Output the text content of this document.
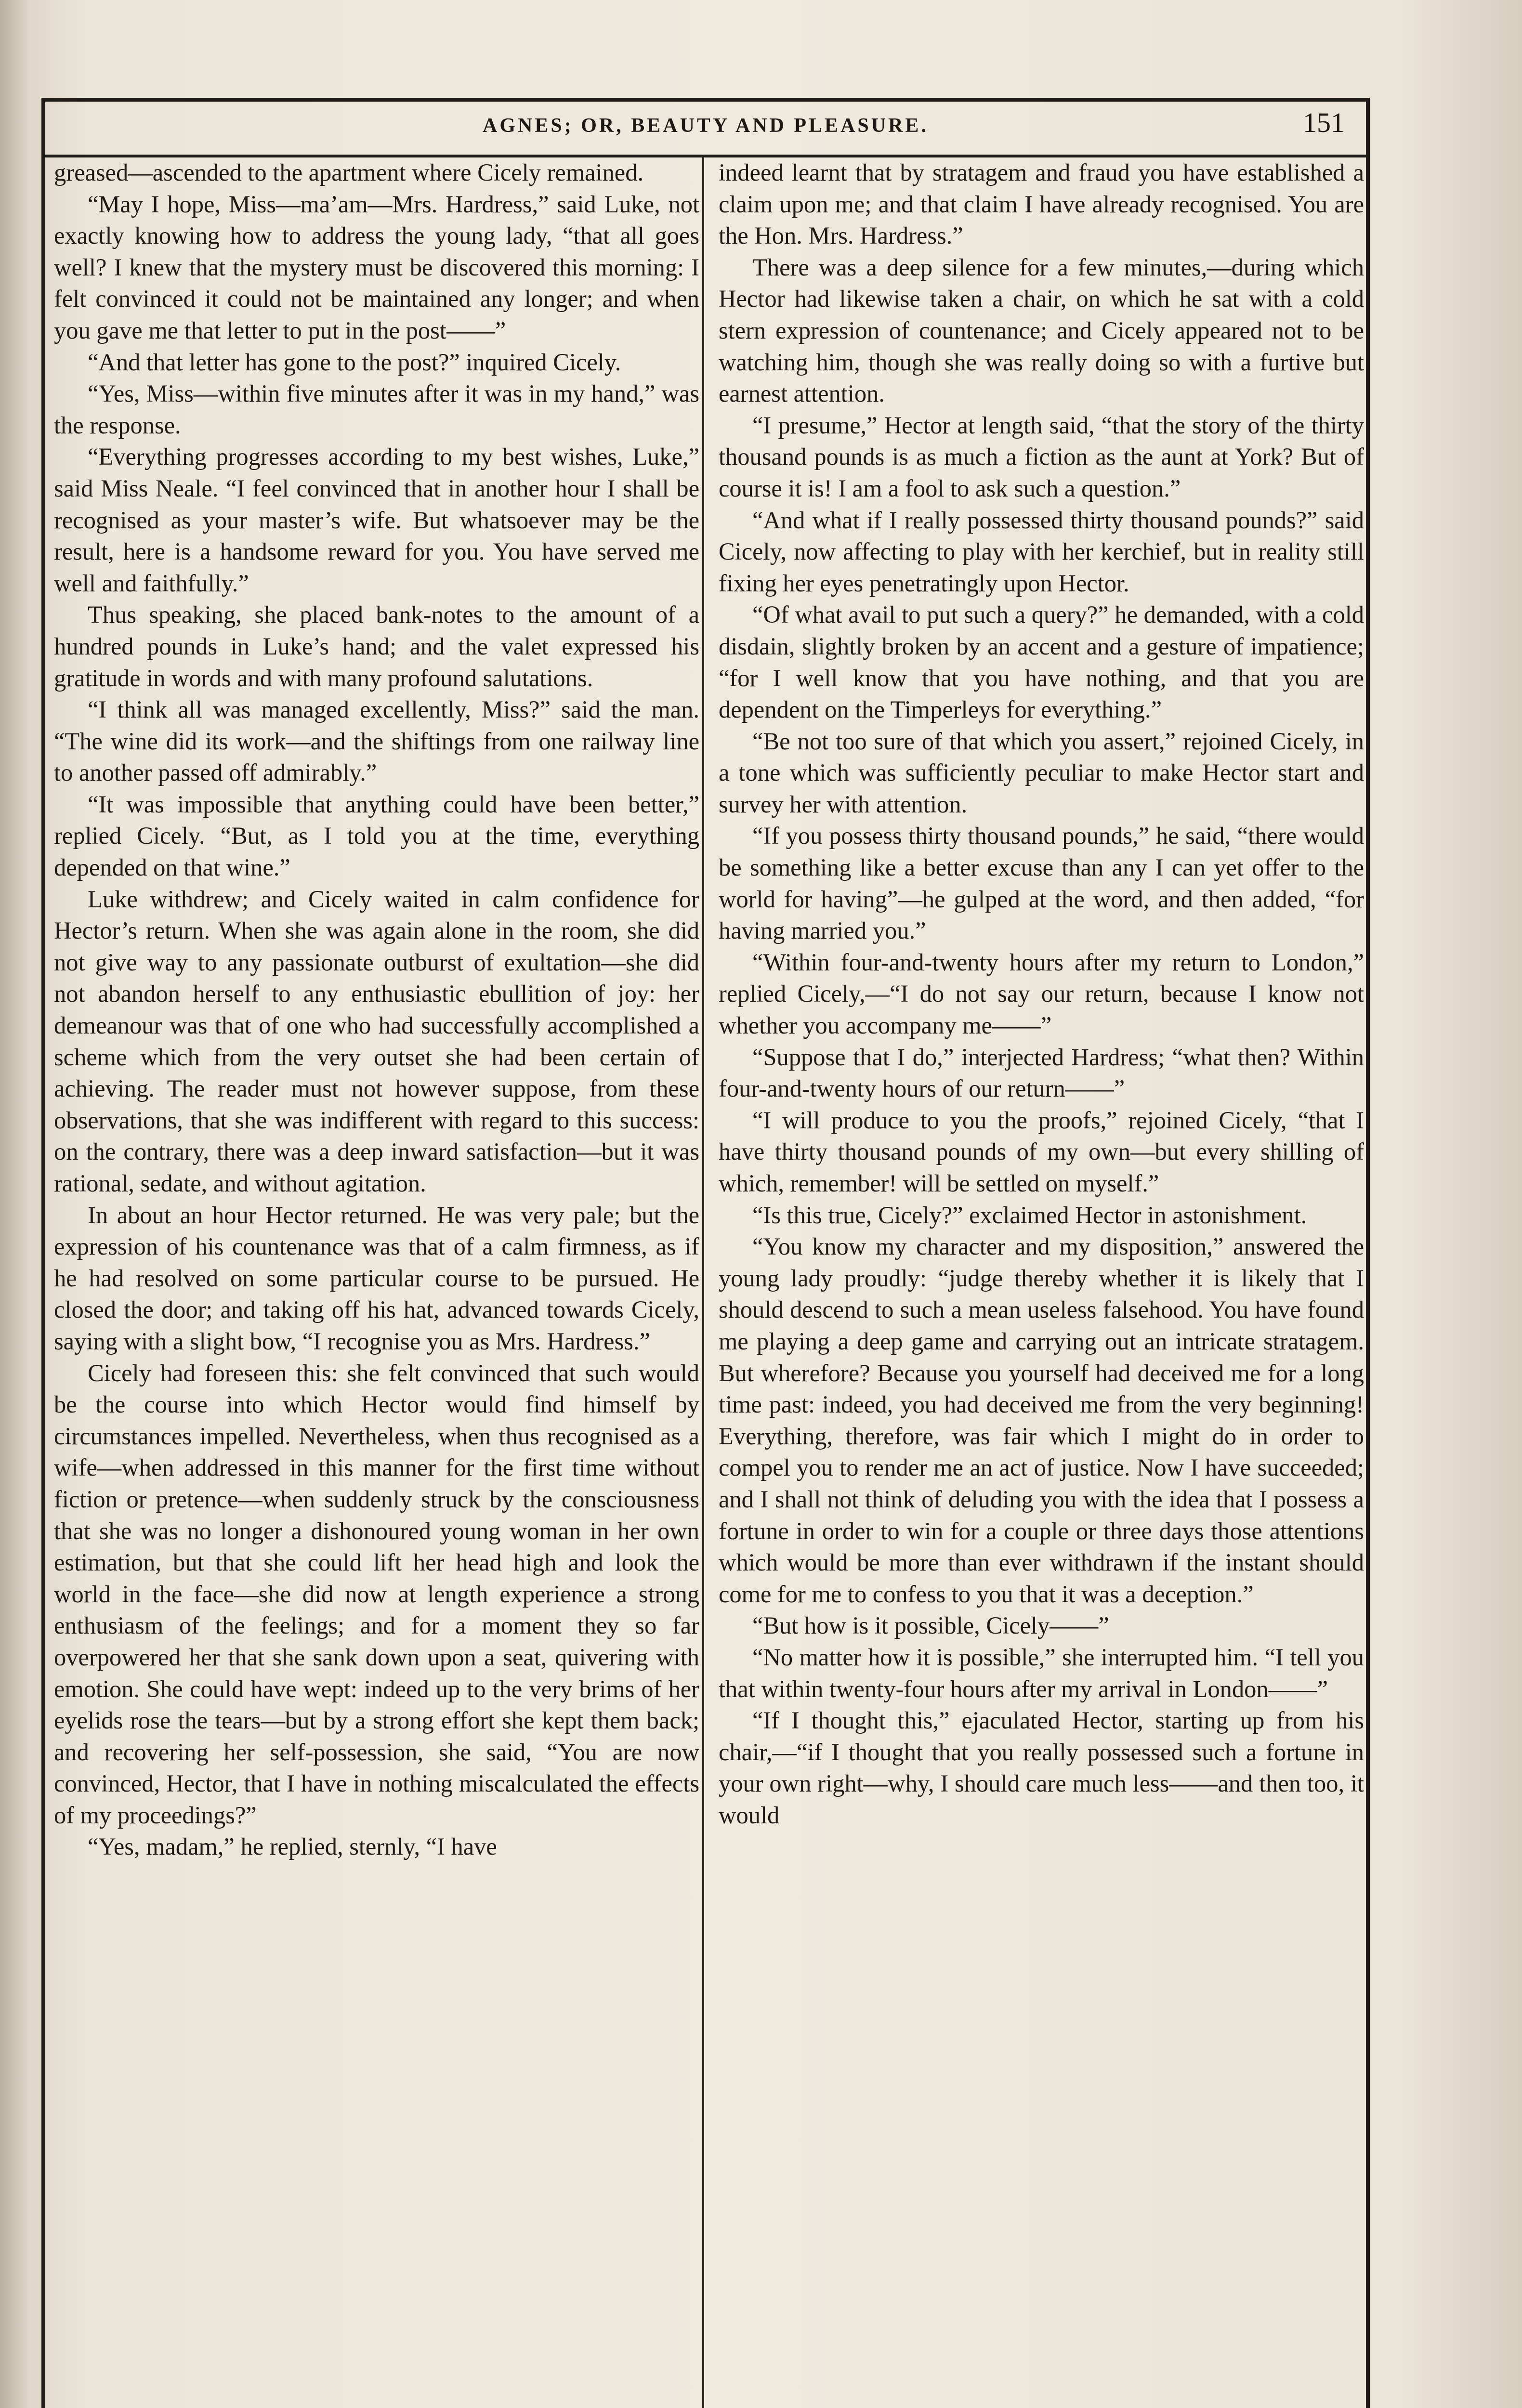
AGNES; OR, BEAUTY AND PLEASURE.	151

greased—ascended to the apartment where Cicely remained.

“May I hope, Miss—ma’am—Mrs. Hardress,” said Luke, not exactly knowing how to address the young lady, “that all goes well? I knew that the mystery must be discovered this morning: I felt convinced it could not be maintained any longer; and when you gave me that letter to put in the post——”

“And that letter has gone to the post?” inquired Cicely.

“Yes, Miss—within five minutes after it was in my hand,” was the response.

“Everything progresses according to my best wishes, Luke,” said Miss Neale. “I feel convinced that in another hour I shall be recognised as your master’s wife. But whatsoever may be the result, here is a handsome reward for you. You have served me well and faithfully.”

Thus speaking, she placed bank-notes to the amount of a hundred pounds in Luke’s hand; and the valet expressed his gratitude in words and with many profound salutations.

“I think all was managed excellently, Miss?” said the man. “The wine did its work—and the shiftings from one railway line to another passed off admirably.”

“It was impossible that anything could have been better,” replied Cicely. “But, as I told you at the time, everything depended on that wine.”

Luke withdrew; and Cicely waited in calm confidence for Hector’s return. When she was again alone in the room, she did not give way to any passionate outburst of exultation—she did not abandon herself to any enthusiastic ebullition of joy: her demeanour was that of one who had successfully accomplished a scheme which from the very outset she had been certain of achieving. The reader must not however suppose, from these observations, that she was indifferent with regard to this success: on the contrary, there was a deep inward satisfaction—but it was rational, sedate, and without agitation.

In about an hour Hector returned. He was very pale; but the expression of his countenance was that of a calm firmness, as if he had resolved on some particular course to be pursued. He closed the door; and taking off his hat, advanced towards Cicely, saying with a slight bow, “I recognise you as Mrs. Hardress.”

Cicely had foreseen this: she felt convinced that such would be the course into which Hector would find himself by circumstances impelled. Nevertheless, when thus recognised as a wife—when addressed in this manner for the first time without fiction or pretence—when suddenly struck by the consciousness that she was no longer a dishonoured young woman in her own estimation, but that she could lift her head high and look the world in the face—she did now at length experience a strong enthusiasm of the feelings; and for a moment they so far overpowered her that she sank down upon a seat, quivering with emotion. She could have wept: indeed up to the very brims of her eyelids rose the tears—but by a strong effort she kept them back; and recovering her self-possession, she said, “You are now convinced, Hector, that I have in nothing miscalculated the effects of my proceedings?”

“Yes, madam,” he replied, sternly, “I have

indeed learnt that by stratagem and fraud you have established a claim upon me; and that claim I have already recognised. You are the Hon. Mrs. Hardress.”

There was a deep silence for a few minutes,—during which Hector had likewise taken a chair, on which he sat with a cold stern expression of countenance; and Cicely appeared not to be watching him, though she was really doing so with a furtive but earnest attention.

“I presume,” Hector at length said, “that the story of the thirty thousand pounds is as much a fiction as the aunt at York? But of course it is! I am a fool to ask such a question.”

“And what if I really possessed thirty thousand pounds?” said Cicely, now affecting to play with her kerchief, but in reality still fixing her eyes penetratingly upon Hector.

“Of what avail to put such a query?” he demanded, with a cold disdain, slightly broken by an accent and a gesture of impatience; “for I well know that you have nothing, and that you are dependent on the Timperleys for everything.”

“Be not too sure of that which you assert,” rejoined Cicely, in a tone which was sufficiently peculiar to make Hector start and survey her with attention.

“If you possess thirty thousand pounds,” he said, “there would be something like a better excuse than any I can yet offer to the world for having”—he gulped at the word, and then added, “for having married you.”

“Within four-and-twenty hours after my return to London,” replied Cicely,—“I do not say our return, because I know not whether you accompany me——”

“Suppose that I do,” interjected Hardress; “what then? Within four-and-twenty hours of our return——”

“I will produce to you the proofs,” rejoined Cicely, “that I have thirty thousand pounds of my own—but every shilling of which, remember! will be settled on myself.”

“Is this true, Cicely?” exclaimed Hector in astonishment.

“You know my character and my disposition,” answered the young lady proudly: “judge thereby whether it is likely that I should descend to such a mean useless falsehood. You have found me playing a deep game and carrying out an intricate stratagem. But wherefore? Because you yourself had deceived me for a long time past: indeed, you had deceived me from the very beginning! Everything, therefore, was fair which I might do in order to compel you to render me an act of justice. Now I have succeeded; and I shall not think of deluding you with the idea that I possess a fortune in order to win for a couple or three days those attentions which would be more than ever withdrawn if the instant should come for me to confess to you that it was a deception.”

“But how is it possible, Cicely——”

“No matter how it is possible,” she interrupted him. “I tell you that within twenty-four hours after my arrival in London——”

“If I thought this,” ejaculated Hector, starting up from his chair,—“if I thought that you really possessed such a fortune in your own right—why, I should care much less——and then too, it would
